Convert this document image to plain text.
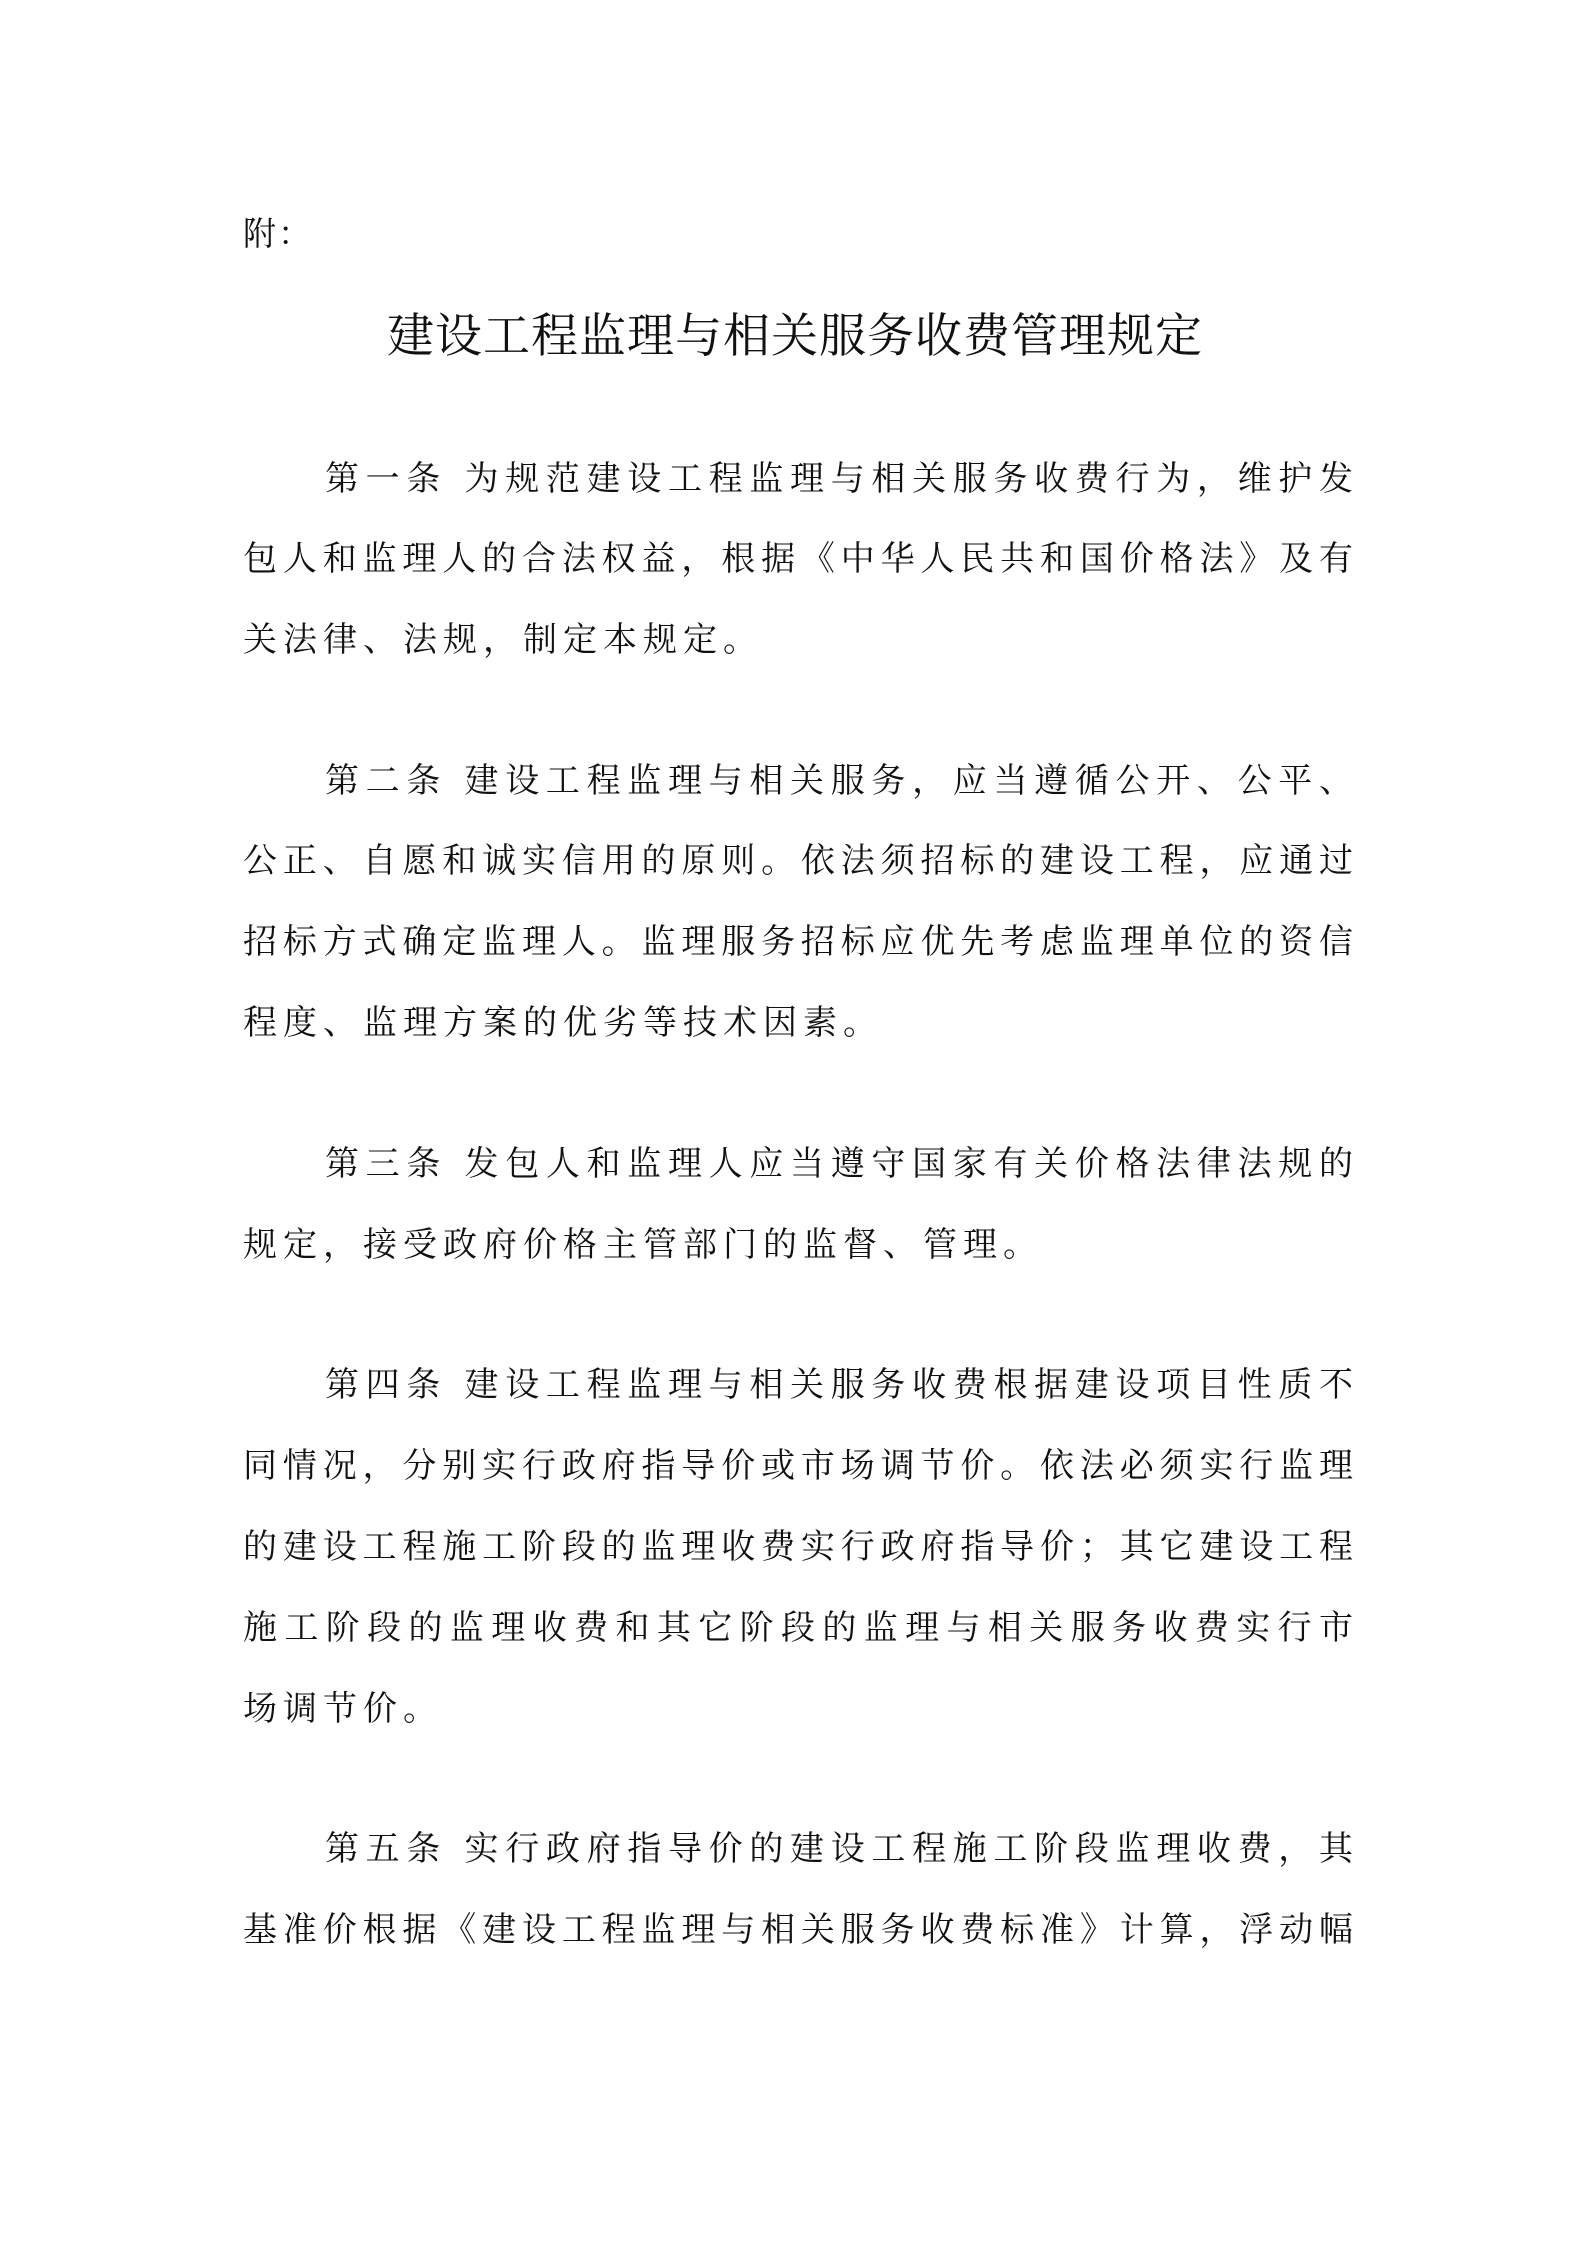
附：
建设工程监理与相关服务收费管理规定
第一条 为规范建设工程监理与相关服务收费行为，维护发
包人和监理人的合法权益，根据《中华人民共和国价格法》及有
关法律、法规，制定本规定。
第二条 建设工程监理与相关服务，应当遵循公开、公平、
公正、自愿和诚实信用的原则。依法须招标的建设工程，应通过
招标方式确定监理人。监理服务招标应优先考虑监理单位的资信
程度、监理方案的优劣等技术因素。
第三条 发包人和监理人应当遵守国家有关价格法律法规的
规定，接受政府价格主管部门的监督、管理。
第四条 建设工程监理与相关服务收费根据建设项目性质不
同情况，分别实行政府指导价或市场调节价。依法必须实行监理
的建设工程施工阶段的监理收费实行政府指导价；其它建设工程
施工阶段的监理收费和其它阶段的监理与相关服务收费实行市
场调节价。
第五条 实行政府指导价的建设工程施工阶段监理收费，其
基准价根据《建设工程监理与相关服务收费标准》计算，浮动幅
